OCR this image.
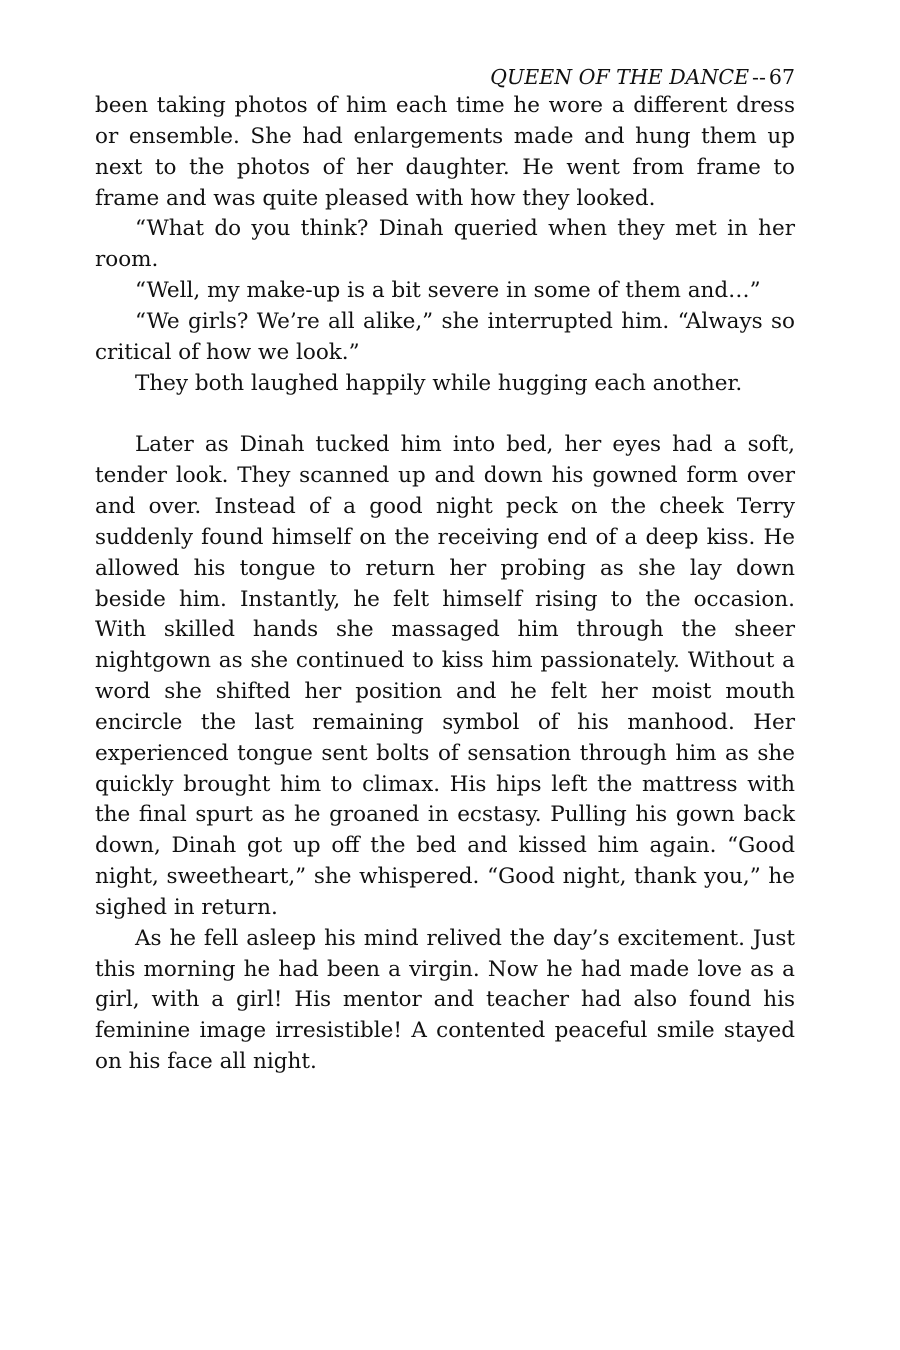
QUEEN OF THE DANCE -- 67

been taking photos of him each time he wore a different dress or ensemble. She had enlargements made and hung them up next to the photos of her daughter. He went from frame to frame and was quite pleased with how they looked.

“What do you think? Dinah queried when they met in her room.

“Well, my make-up is a bit severe in some of them and…”

“We girls? We’re all alike,” she interrupted him. “Always so critical of how we look.”

They both laughed happily while hugging each another.

Later as Dinah tucked him into bed, her eyes had a soft, tender look. They scanned up and down his gowned form over and over. Instead of a good night peck on the cheek Terry suddenly found himself on the receiving end of a deep kiss. He allowed his tongue to return her probing as she lay down beside him. Instantly, he felt himself rising to the occasion. With skilled hands she massaged him through the sheer nightgown as she continued to kiss him passionately. Without a word she shifted her position and he felt her moist mouth encircle the last remaining symbol of his manhood. Her experienced tongue sent bolts of sensation through him as she quickly brought him to climax. His hips left the mattress with the final spurt as he groaned in ecstasy. Pulling his gown back down, Dinah got up off the bed and kissed him again. “Good night, sweetheart,” she whispered. “Good night, thank you,” he sighed in return.

As he fell asleep his mind relived the day’s excitement. Just this morning he had been a virgin. Now he had made love as a girl, with a girl! His mentor and teacher had also found his feminine image irresistible! A contented peaceful smile stayed on his face all night.
